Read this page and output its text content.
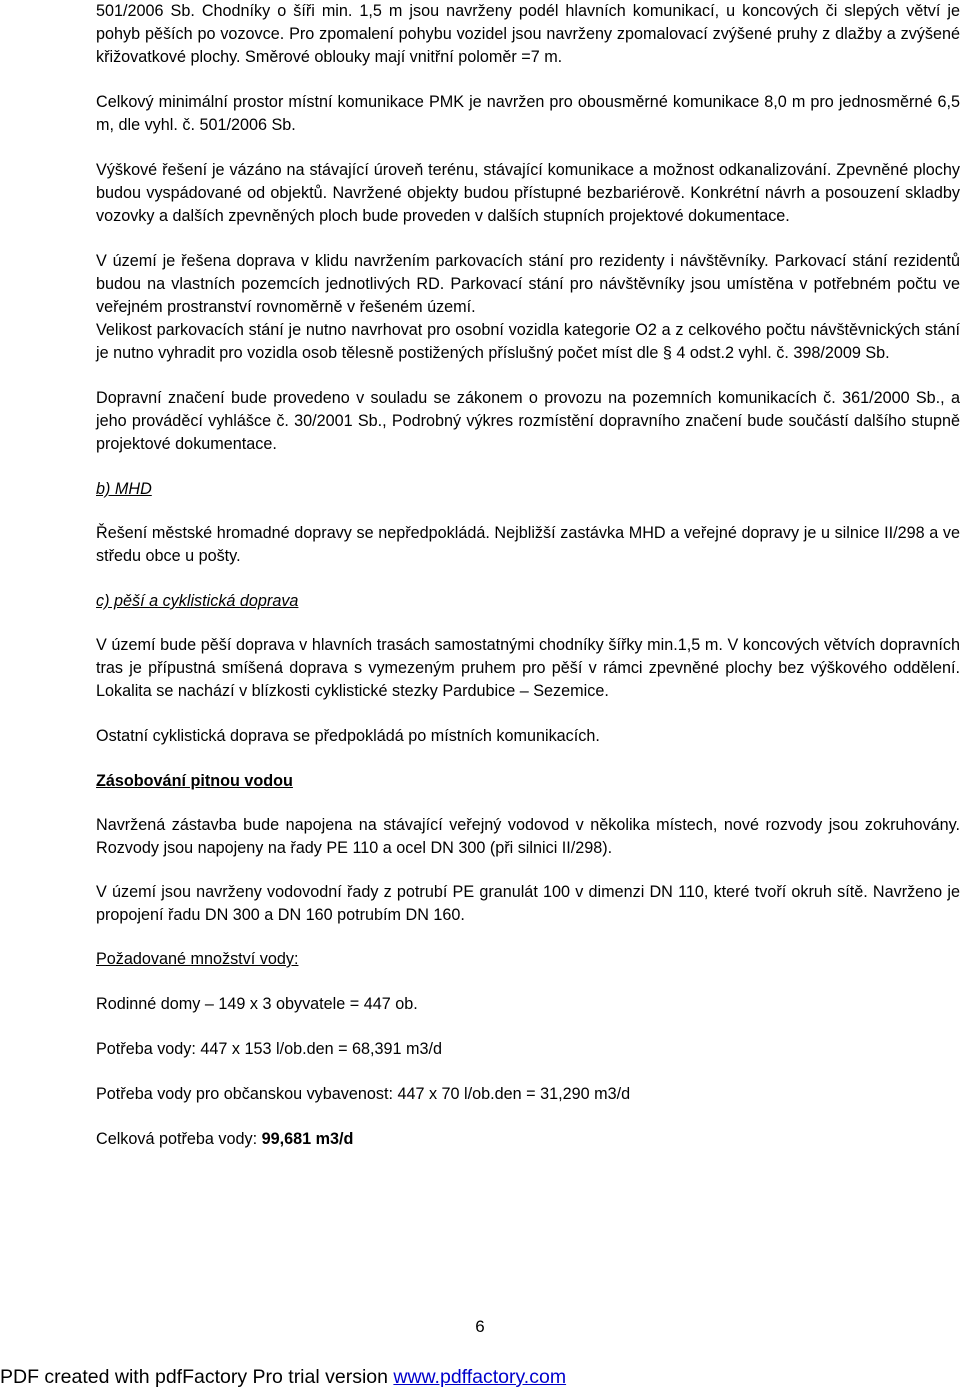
501/2006 Sb. Chodníky o šíři min. 1,5 m jsou navrženy podél hlavních komunikací, u koncových či slepých větví je pohyb pěších po vozovce. Pro zpomalení pohybu vozidel jsou navrženy zpomalovací zvýšené pruhy z dlažby a zvýšené křižovatkové plochy. Směrové oblouky mají vnitřní poloměr =7 m.

Celkový minimální prostor místní komunikace PMK je navržen pro obousměrné komunikace 8,0 m pro jednosměrné 6,5 m, dle vyhl. č. 501/2006 Sb.

Výškové řešení je vázáno na stávající úroveň terénu, stávající komunikace a možnost odkanalizování. Zpevněné plochy budou vyspádované od objektů. Navržené objekty budou přístupné bezbariérově. Konkrétní návrh a posouzení skladby vozovky a dalších zpevněných ploch bude proveden v dalších stupních projektové dokumentace.

V území je řešena doprava v klidu navržením parkovacích stání pro rezidenty i návštěvníky. Parkovací stání rezidentů budou na vlastních pozemcích jednotlivých RD. Parkovací stání pro návštěvníky jsou umístěna v potřebném počtu ve veřejném prostranství rovnoměrně v řešeném území.

Velikost parkovacích stání je nutno navrhovat pro osobní vozidla kategorie O2 a z celkového počtu návštěvnických stání je nutno vyhradit pro vozidla osob tělesně postižených příslušný počet míst dle § 4 odst.2 vyhl. č. 398/2009 Sb.

Dopravní značení bude provedeno v souladu se zákonem o provozu na pozemních komunikacích č. 361/2000 Sb., a jeho prováděcí vyhlášce č. 30/2001 Sb., Podrobný výkres rozmístění dopravního značení bude součástí dalšího stupně projektové dokumentace.

b) MHD

Řešení městské hromadné dopravy se nepředpokládá. Nejbližší zastávka MHD a veřejné dopravy je u silnice II/298 a ve středu obce u pošty.

c) pěší a cyklistická doprava

V území bude pěší doprava v hlavních trasách samostatnými chodníky šířky min.1,5 m. V koncových větvích dopravních tras je přípustná smíšená doprava s vymezeným pruhem pro pěší v rámci zpevněné plochy bez výškového oddělení. Lokalita se nachází v blízkosti cyklistické stezky Pardubice – Sezemice.

Ostatní cyklistická doprava se předpokládá po místních komunikacích.

Zásobování pitnou vodou

Navržená zástavba bude napojena na stávající veřejný vodovod v několika místech, nové rozvody jsou zokruhovány. Rozvody jsou napojeny na řady PE 110 a ocel DN 300 (při silnici II/298).

V území jsou navrženy vodovodní řady z potrubí PE granulát 100 v dimenzi DN 110, které tvoří okruh sítě. Navrženo je propojení řadu DN 300 a DN 160 potrubím DN 160.

Požadované množství vody:

Rodinné domy – 149 x 3 obyvatele = 447 ob.

Potřeba vody: 447 x 153 l/ob.den = 68,391 m3/d

Potřeba vody pro občanskou vybavenost: 447 x 70 l/ob.den = 31,290 m3/d

Celková potřeba vody: 99,681 m3/d

6
PDF created with pdfFactory Pro trial version www.pdffactory.com
